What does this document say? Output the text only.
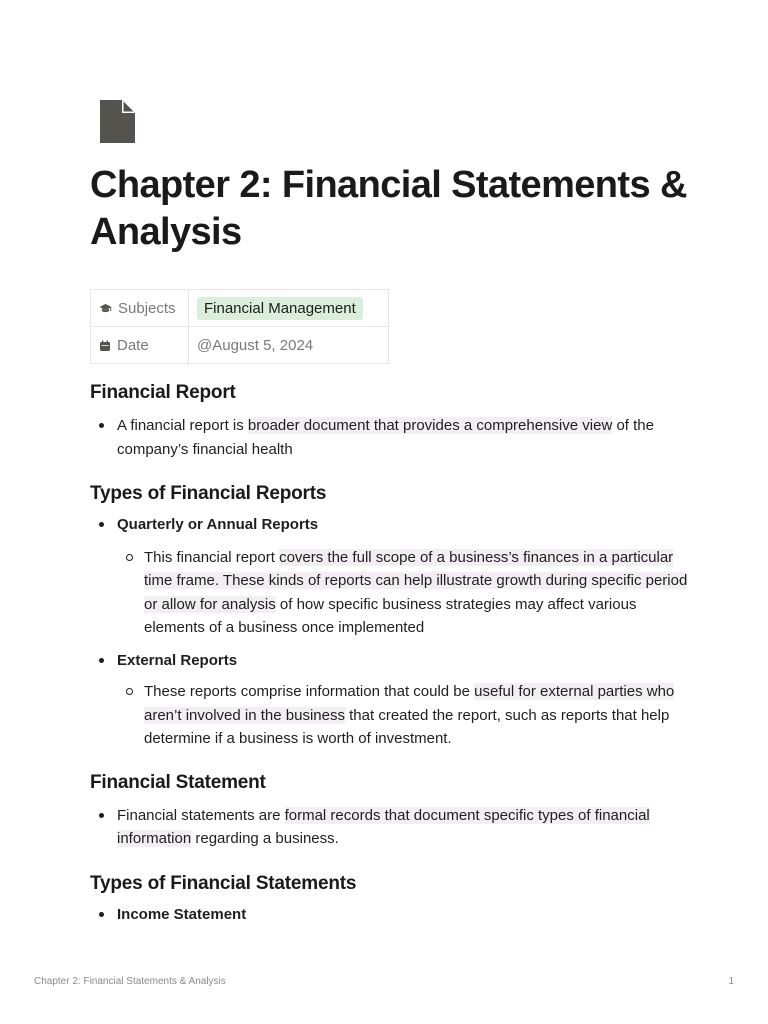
Chapter 2: Financial Statements & Analysis
Subjects	Financial Management
Date	@August 5, 2024
Financial Report
A financial report is broader document that provides a comprehensive view of the company’s financial health
Types of Financial Reports
Quarterly or Annual Reports
This financial report covers the full scope of a business’s finances in a particular time frame. These kinds of reports can help illustrate growth during specific period or allow for analysis of how specific business strategies may affect various elements of a business once implemented
External Reports
These reports comprise information that could be useful for external parties who aren’t involved in the business that created the report, such as reports that help determine if a business is worth of investment.
Financial Statement
Financial statements are formal records that document specific types of financial information regarding a business.
Types of Financial Statements
Income Statement
Chapter 2: Financial Statements & Analysis	1
